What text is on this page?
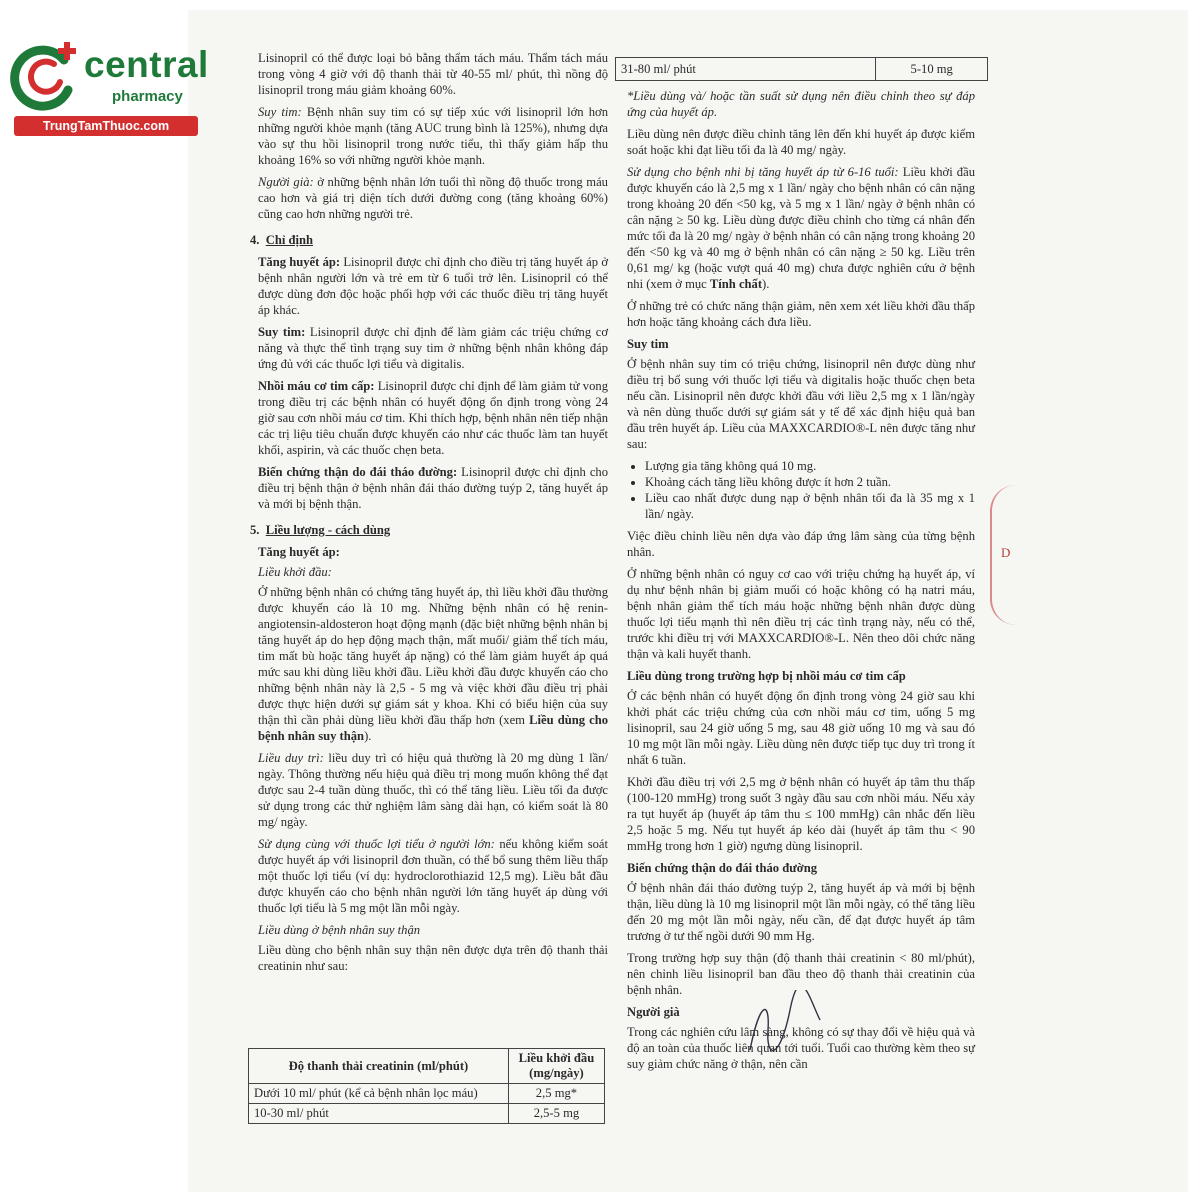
central
pharmacy
TrungTamThuoc.com

Lisinopril có thể được loại bỏ bằng thẩm tách máu. Thẩm tách máu trong vòng 4 giờ với độ thanh thải từ 40-55 ml/ phút, thì nồng độ lisinopril trong máu giảm khoảng 60%.

Suy tim: Bệnh nhân suy tim có sự tiếp xúc với lisinopril lớn hơn những người khỏe mạnh (tăng AUC trung bình là 125%), nhưng dựa vào sự thu hồi lisinopril trong nước tiểu, thì thấy giảm hấp thu khoảng 16% so với những người khỏe mạnh.

Người già: ở những bệnh nhân lớn tuổi thì nồng độ thuốc trong máu cao hơn và giá trị diện tích dưới đường cong (tăng khoảng 60%) cũng cao hơn những người trẻ.

4. Chỉ định

Tăng huyết áp: Lisinopril được chỉ định cho điều trị tăng huyết áp ở bệnh nhân người lớn và trẻ em từ 6 tuổi trở lên. Lisinopril có thể được dùng đơn độc hoặc phối hợp với các thuốc điều trị tăng huyết áp khác.

Suy tim: Lisinopril được chỉ định để làm giảm các triệu chứng cơ năng và thực thể tình trạng suy tim ở những bệnh nhân không đáp ứng đủ với các thuốc lợi tiểu và digitalis.

Nhồi máu cơ tim cấp: Lisinopril được chỉ định để làm giảm tử vong trong điều trị các bệnh nhân có huyết động ổn định trong vòng 24 giờ sau cơn nhồi máu cơ tim. Khi thích hợp, bệnh nhân nên tiếp nhận các trị liệu tiêu chuẩn được khuyến cáo như các thuốc làm tan huyết khối, aspirin, và các thuốc chẹn beta.

Biến chứng thận do đái tháo đường: Lisinopril được chỉ định cho điều trị bệnh thận ở bệnh nhân đái tháo đường tuýp 2, tăng huyết áp và mới bị bệnh thận.

5. Liều lượng - cách dùng

Tăng huyết áp:

Liều khởi đầu:

Ở những bệnh nhân có chứng tăng huyết áp, thì liều khởi đầu thường được khuyến cáo là 10 mg. Những bệnh nhân có hệ renin-angiotensin-aldosteron hoạt động mạnh (đặc biệt những bệnh nhân bị tăng huyết áp do hẹp động mạch thận, mất muối/ giảm thể tích máu, tim mất bù hoặc tăng huyết áp nặng) có thể làm giảm huyết áp quá mức sau khi dùng liều khởi đầu. Liều khởi đầu được khuyến cáo cho những bệnh nhân này là 2,5 - 5 mg và việc khởi đầu điều trị phải được thực hiện dưới sự giám sát y khoa. Khi có biểu hiện của suy thận thì cần phải dùng liều khởi đầu thấp hơn (xem Liều dùng cho bệnh nhân suy thận).

Liều duy trì: liều duy trì có hiệu quả thường là 20 mg dùng 1 lần/ ngày. Thông thường nếu hiệu quả điều trị mong muốn không thể đạt được sau 2-4 tuần dùng thuốc, thì có thể tăng liều. Liều tối đa được sử dụng trong các thử nghiệm lâm sàng dài hạn, có kiểm soát là 80 mg/ ngày.

Sử dụng cùng với thuốc lợi tiểu ở người lớn: nếu không kiểm soát được huyết áp với lisinopril đơn thuần, có thể bổ sung thêm liều thấp một thuốc lợi tiểu (ví dụ: hydroclorothiazid 12,5 mg). Liều bắt đầu được khuyến cáo cho bệnh nhân người lớn tăng huyết áp dùng với thuốc lợi tiểu là 5 mg một lần mỗi ngày.

Liều dùng ở bệnh nhân suy thận

Liều dùng cho bệnh nhân suy thận nên được dựa trên độ thanh thải creatinin như sau:

Độ thanh thải creatinin (ml/phút)	Liều khởi đầu (mg/ngày)
Dưới 10 ml/ phút (kể cả bệnh nhân lọc máu)	2,5 mg*
10-30 ml/ phút	2,5-5 mg
31-80 ml/ phút	5-10 mg

*Liều dùng và/ hoặc tần suất sử dụng nên điều chỉnh theo sự đáp ứng của huyết áp.

Liều dùng nên được điều chỉnh tăng lên đến khi huyết áp được kiểm soát hoặc khi đạt liều tối đa là 40 mg/ ngày.

Sử dụng cho bệnh nhi bị tăng huyết áp từ 6-16 tuổi: Liều khởi đầu được khuyến cáo là 2,5 mg x 1 lần/ ngày cho bệnh nhân có cân nặng trong khoảng 20 đến <50 kg, và 5 mg x 1 lần/ ngày ở bệnh nhân có cân nặng ≥ 50 kg. Liều dùng được điều chỉnh cho từng cá nhân đến mức tối đa là 20 mg/ ngày ở bệnh nhân có cân nặng trong khoảng 20 đến <50 kg và 40 mg ở bệnh nhân có cân nặng ≥ 50 kg. Liều trên 0,61 mg/ kg (hoặc vượt quá 40 mg) chưa được nghiên cứu ở bệnh nhi (xem ở mục Tính chất).

Ở những trẻ có chức năng thận giảm, nên xem xét liều khởi đầu thấp hơn hoặc tăng khoảng cách đưa liều.

Suy tim

Ở bệnh nhân suy tim có triệu chứng, lisinopril nên được dùng như điều trị bổ sung với thuốc lợi tiểu và digitalis hoặc thuốc chẹn beta nếu cần. Lisinopril nên được khởi đầu với liều 2,5 mg x 1 lần/ngày và nên dùng thuốc dưới sự giám sát y tế để xác định hiệu quả ban đầu trên huyết áp. Liều của MAXXCARDIO®-L nên được tăng như sau:

• Lượng gia tăng không quá 10 mg.
• Khoảng cách tăng liều không được ít hơn 2 tuần.
• Liều cao nhất được dung nạp ở bệnh nhân tối đa là 35 mg x 1 lần/ ngày.

Việc điều chỉnh liều nên dựa vào đáp ứng lâm sàng của từng bệnh nhân.

Ở những bệnh nhân có nguy cơ cao với triệu chứng hạ huyết áp, ví dụ như bệnh nhân bị giảm muối có hoặc không có hạ natri máu, bệnh nhân giảm thể tích máu hoặc những bệnh nhân được dùng thuốc lợi tiểu mạnh thì nên điều trị các tình trạng này, nếu có thể, trước khi điều trị với MAXXCARDIO®-L. Nên theo dõi chức năng thận và kali huyết thanh.

Liều dùng trong trường hợp bị nhồi máu cơ tim cấp

Ở các bệnh nhân có huyết động ổn định trong vòng 24 giờ sau khi khởi phát các triệu chứng của cơn nhồi máu cơ tim, uống 5 mg lisinopril, sau 24 giờ uống 5 mg, sau 48 giờ uống 10 mg và sau đó 10 mg một lần mỗi ngày. Liều dùng nên được tiếp tục duy trì trong ít nhất 6 tuần.

Khởi đầu điều trị với 2,5 mg ở bệnh nhân có huyết áp tâm thu thấp (100-120 mmHg) trong suốt 3 ngày đầu sau cơn nhồi máu. Nếu xảy ra tụt huyết áp (huyết áp tâm thu ≤ 100 mmHg) cân nhắc đến liều 2,5 hoặc 5 mg. Nếu tụt huyết áp kéo dài (huyết áp tâm thu < 90 mmHg trong hơn 1 giờ) ngưng dùng lisinopril.

Biến chứng thận do đái tháo đường

Ở bệnh nhân đái tháo đường tuýp 2, tăng huyết áp và mới bị bệnh thận, liều dùng là 10 mg lisinopril một lần mỗi ngày, có thể tăng liều đến 20 mg một lần mỗi ngày, nếu cần, để đạt được huyết áp tâm trương ở tư thế ngồi dưới 90 mm Hg.

Trong trường hợp suy thận (độ thanh thải creatinin < 80 ml/phút), nên chỉnh liều lisinopril ban đầu theo độ thanh thải creatinin của bệnh nhân.

Người già

Trong các nghiên cứu lâm sàng, không có sự thay đổi về hiệu quả và độ an toàn của thuốc liên quan tới tuổi. Tuổi cao thường kèm theo sự suy giảm chức năng ở thận, nên cần

D
